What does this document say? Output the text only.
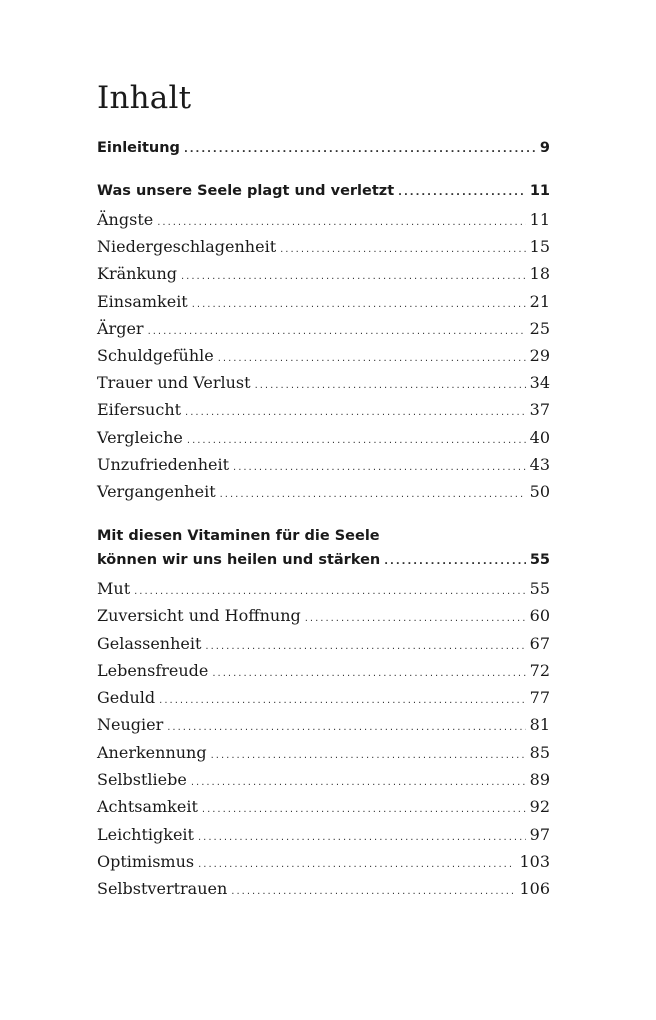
Inhalt
Einleitung .....	9
Was unsere Seele plagt und verletzt .....	11
Ängste .....	11
Niedergeschlagenheit .....	15
Kränkung .....	18
Einsamkeit .....	21
Ärger .....	25
Schuldgefühle .....	29
Trauer und Verlust .....	34
Eifersucht .....	37
Vergleiche .....	40
Unzufriedenheit .....	43
Vergangenheit .....	50
Mit diesen Vitaminen für die Seele
können wir uns heilen und stärken .....	55
Mut .....	55
Zuversicht und Hoffnung .....	60
Gelassenheit .....	67
Lebensfreude .....	72
Geduld .....	77
Neugier .....	81
Anerkennung .....	85
Selbstliebe .....	89
Achtsamkeit .....	92
Leichtigkeit .....	97
Optimismus .....	103
Selbstvertrauen .....	106
